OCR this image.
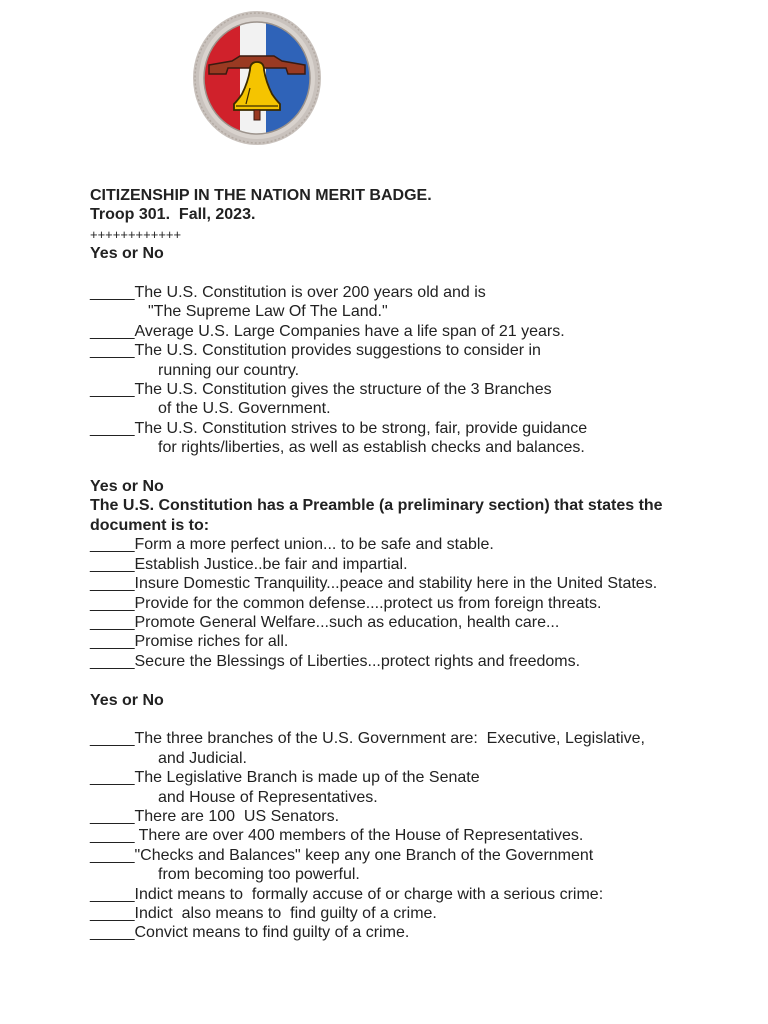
CITIZENSHIP IN THE NATION MERIT BADGE.
Troop 301.  Fall, 2023.
++++++++++++
Yes or No
_____The U.S. Constitution is over 200 years old and is
"The Supreme Law Of The Land."
_____Average U.S. Large Companies have a life span of 21 years.
_____The U.S. Constitution provides suggestions to consider in
running our country.
_____The U.S. Constitution gives the structure of the 3 Branches
of the U.S. Government.
_____The U.S. Constitution strives to be strong, fair, provide guidance
for rights/liberties, as well as establish checks and balances.
Yes or No
The U.S. Constitution has a Preamble (a preliminary section) that states the document is to:
_____Form a more perfect union... to be safe and stable.
_____Establish Justice..be fair and impartial.
_____Insure Domestic Tranquility...peace and stability here in the United States.
_____Provide for the common defense....protect us from foreign threats.
_____Promote General Welfare...such as education, health care...
_____Promise riches for all.
_____Secure the Blessings of Liberties...protect rights and freedoms.
Yes or No
_____The three branches of the U.S. Government are:  Executive, Legislative,
and Judicial.
_____The Legislative Branch is made up of the Senate
and House of Representatives.
_____There are 100  US Senators.
_____ There are over 400 members of the House of Representatives.
_____"Checks and Balances" keep any one Branch of the Government
from becoming too powerful.
_____Indict means to  formally accuse of or charge with a serious crime:
_____Indict  also means to  find guilty of a crime.
_____Convict means to find guilty of a crime.
